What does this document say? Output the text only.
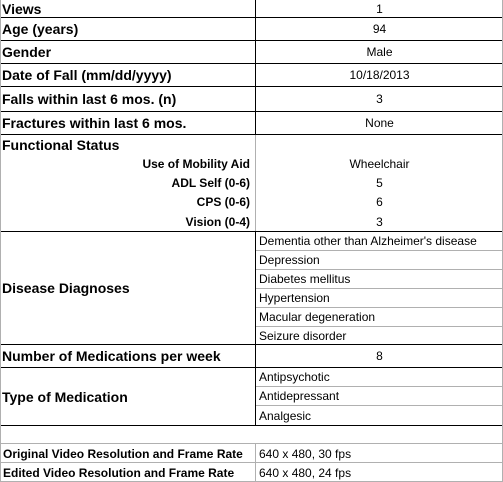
Views	1
Age (years)	94
Gender	Male
Date of Fall (mm/dd/yyyy)	10/18/2013
Falls within last 6 mos. (n)	3
Fractures within last 6 mos.	None
Functional Status
Use of Mobility Aid	Wheelchair
ADL Self (0-6)	5
CPS (0-6)	6
Vision (0-4)	3
Disease Diagnoses
Dementia other than Alzheimer's disease
Depression
Diabetes mellitus
Hypertension
Macular degeneration
Seizure disorder
Number of Medications per week	8
Type of Medication
Antipsychotic
Antidepressant
Analgesic
Original Video Resolution and Frame Rate	640 x 480, 30 fps
Edited Video Resolution and Frame Rate	640 x 480, 24 fps
